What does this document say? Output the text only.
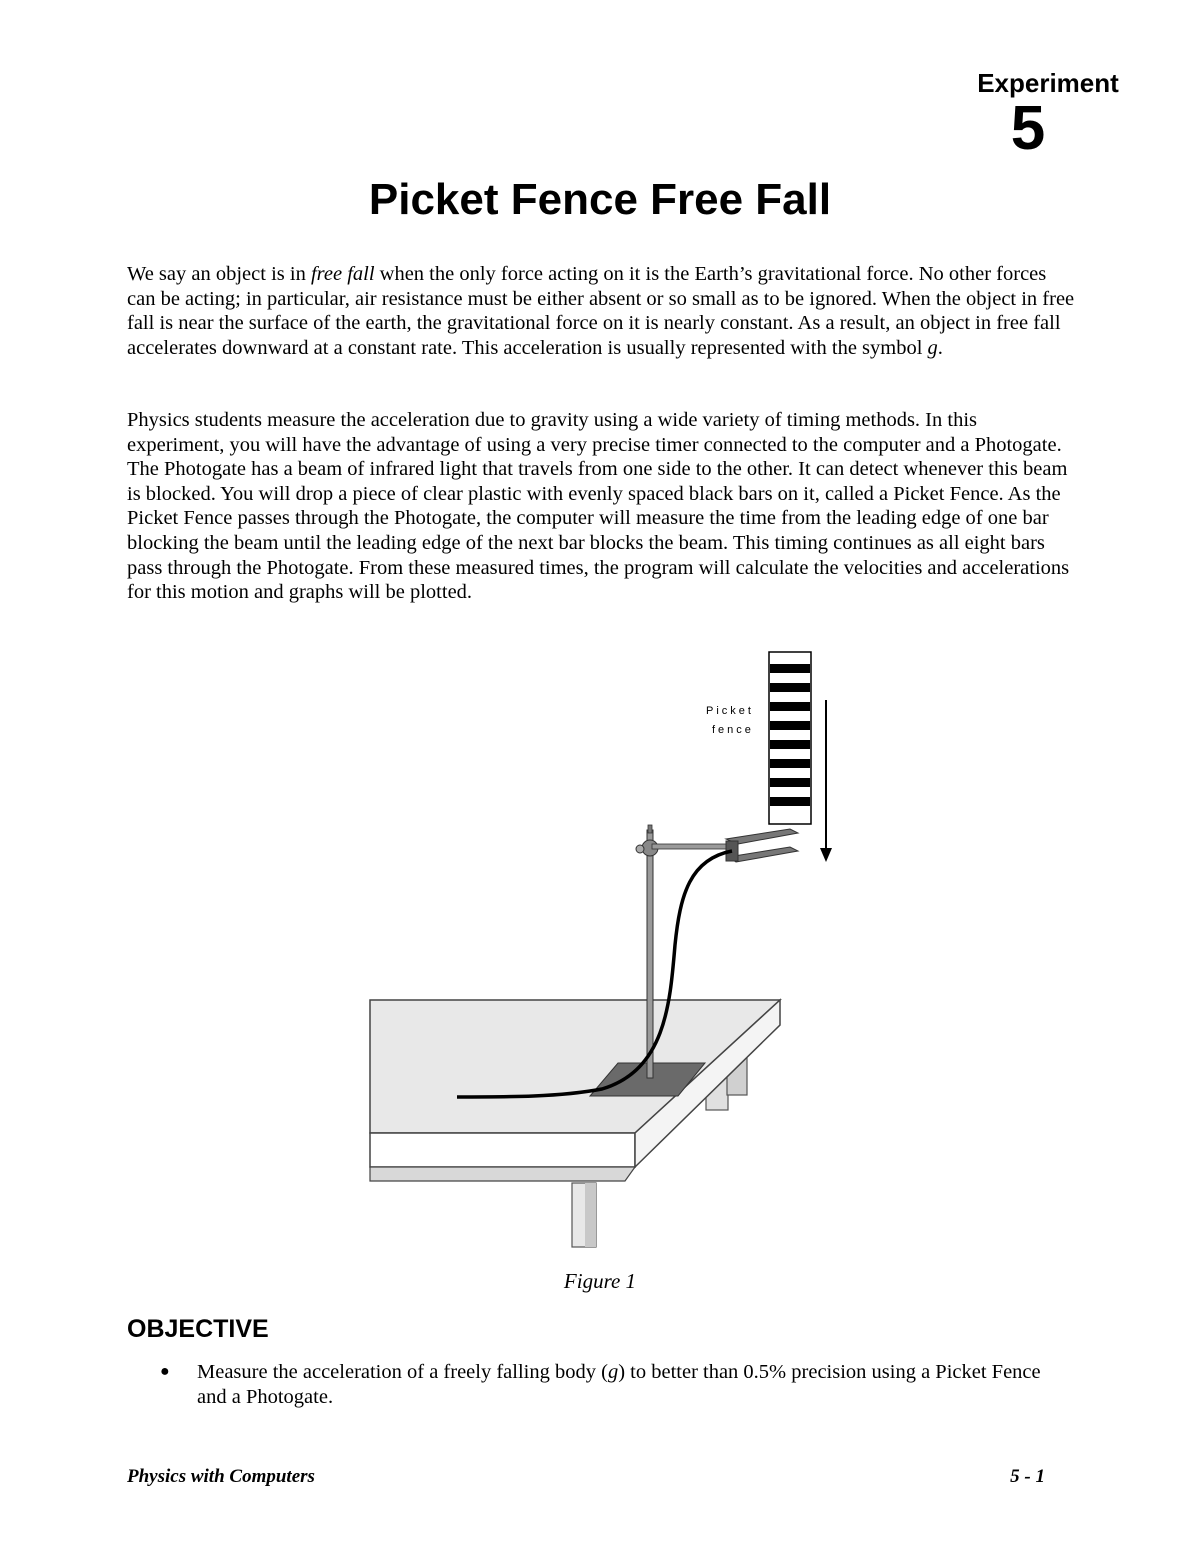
Experiment
5
Picket Fence Free Fall

We say an object is in free fall when the only force acting on it is the Earth’s gravitational force. No other forces can be acting; in particular, air resistance must be either absent or so small as to be ignored. When the object in free fall is near the surface of the earth, the gravitational force on it is nearly constant. As a result, an object in free fall accelerates downward at a constant rate. This acceleration is usually represented with the symbol g.

Physics students measure the acceleration due to gravity using a wide variety of timing methods. In this experiment, you will have the advantage of using a very precise timer connected to the computer and a Photogate. The Photogate has a beam of infrared light that travels from one side to the other. It can detect whenever this beam is blocked. You will drop a piece of clear plastic with evenly spaced black bars on it, called a Picket Fence. As the Picket Fence passes through the Photogate, the computer will measure the time from the leading edge of one bar blocking the beam until the leading edge of the next bar blocks the beam. This timing continues as all eight bars pass through the Photogate. From these measured times, the program will calculate the velocities and accelerations for this motion and graphs will be plotted.

Picket
fence

Figure 1

OBJECTIVE
● Measure the acceleration of a freely falling body (g) to better than 0.5% precision using a Picket Fence and a Photogate.
Physics with Computers	5 - 1
